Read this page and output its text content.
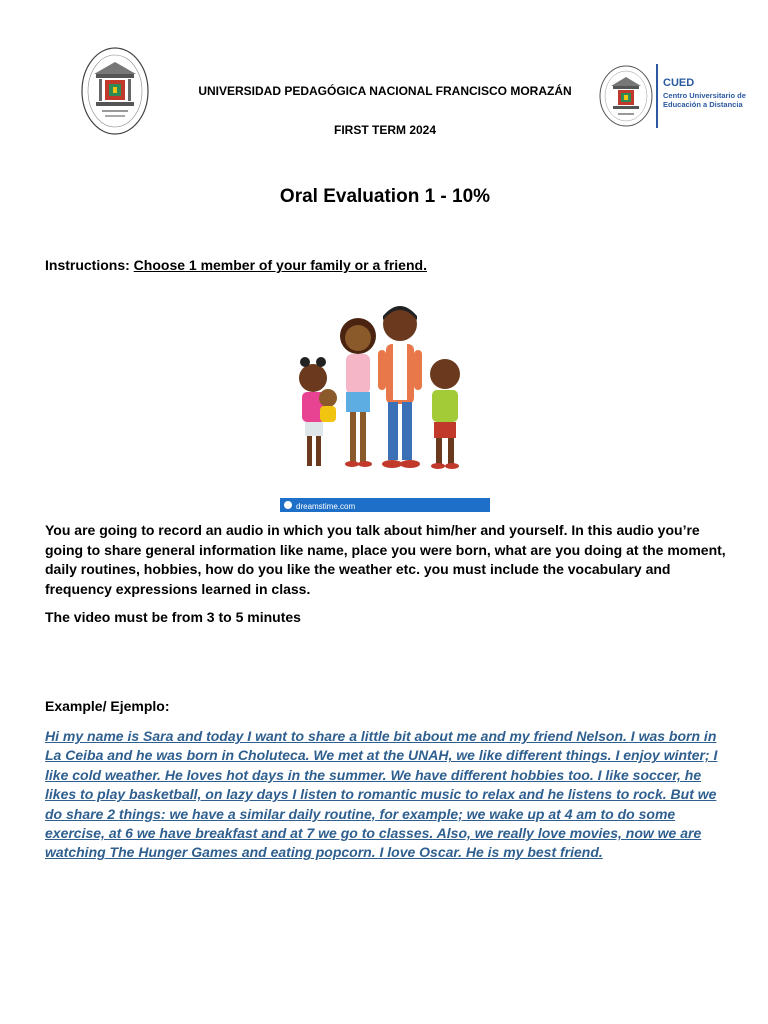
UNIVERSIDAD PEDAGÓGICA NACIONAL FRANCISCO MORAZÁN
FIRST TERM 2024
CUED
Centro Universitario de Educación a Distancia
Oral Evaluation 1 - 10%
Instructions: Choose 1 member of your family or a friend.
dreamstime.com
You are going to record an audio in which you talk about him/her and yourself. In this audio you’re going to share general information like name, place you were born, what are you doing at the moment, daily routines, hobbies, how do you like the weather etc. you must include the vocabulary and frequency expressions learned in class.
The video must be from 3 to 5 minutes
Example/ Ejemplo:
Hi my name is Sara and today I want to share a little bit about me and my friend Nelson. I was born in La Ceiba and he was born in Choluteca. We met at the UNAH, we like different things. I enjoy winter; I like cold weather. He loves hot days in the summer. We have different hobbies too. I like soccer, he likes to play basketball, on lazy days I listen to romantic music to relax and he listens to rock. But we do share 2 things: we have a similar daily routine, for example; we wake up at 4 am to do some exercise, at 6 we have breakfast and at 7 we go to classes. Also, we really love movies, now we are watching The Hunger Games and eating popcorn. I love Oscar. He is my best friend.
